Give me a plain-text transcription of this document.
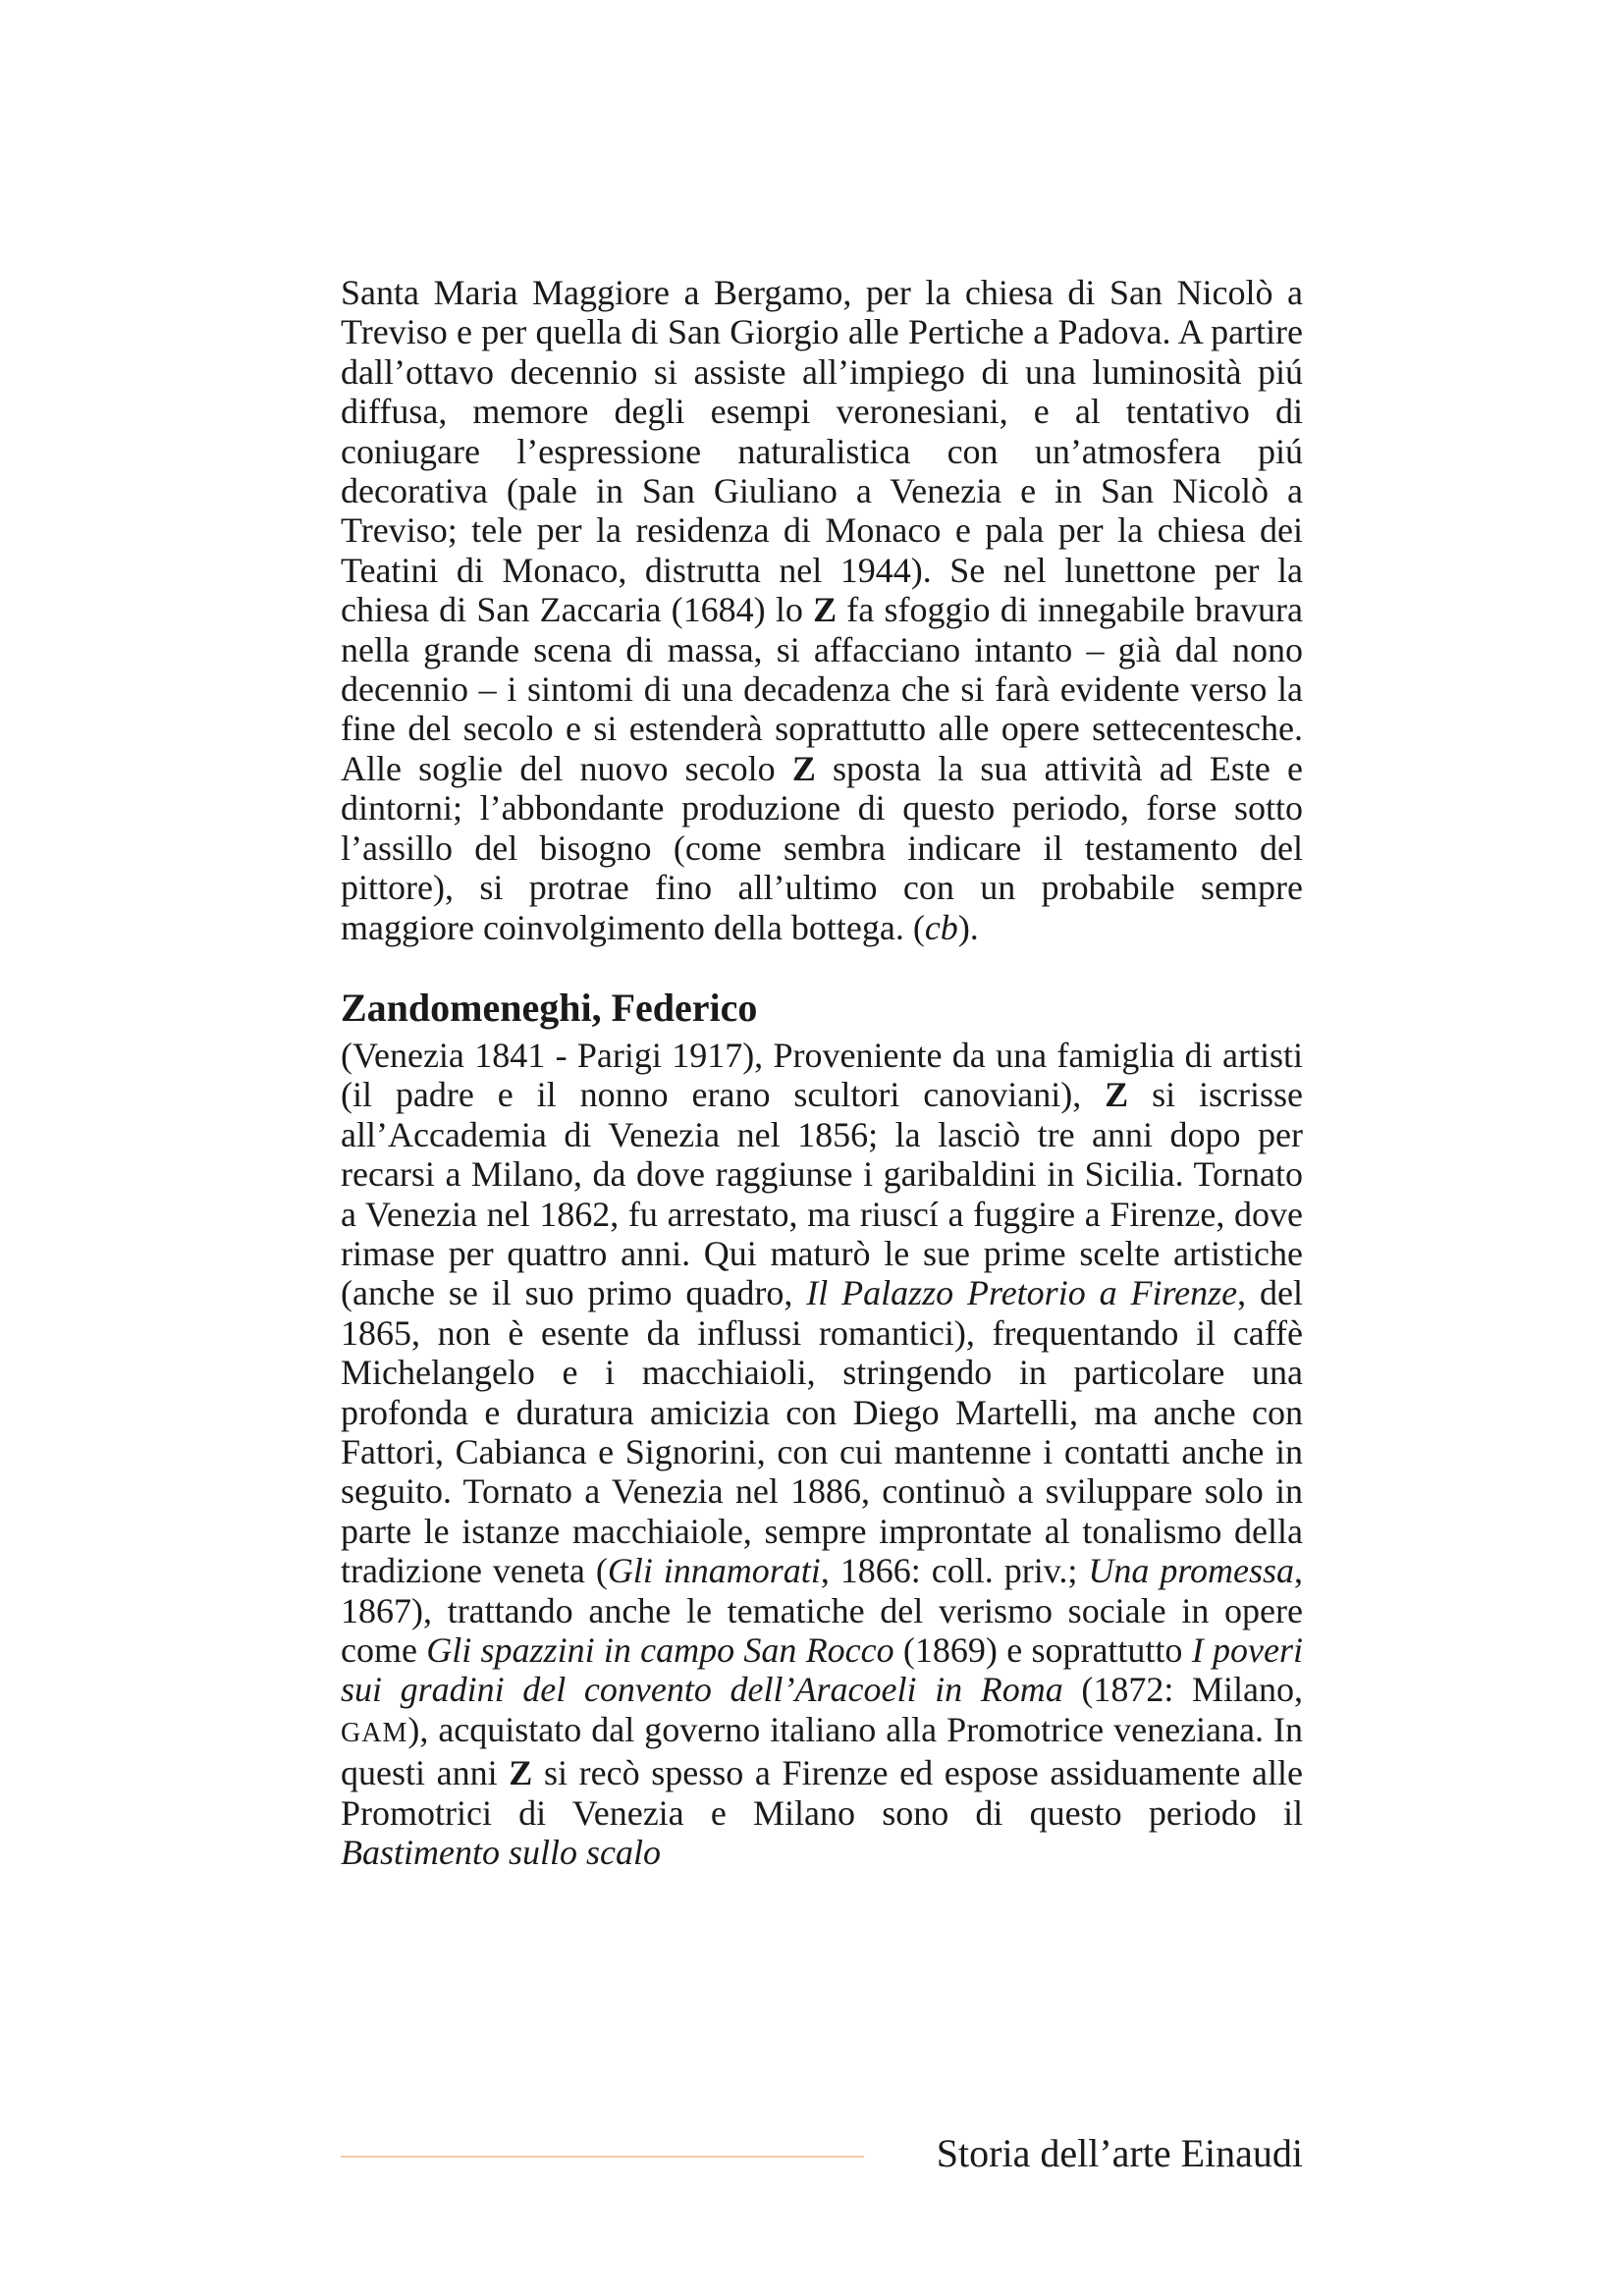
Santa Maria Maggiore a Bergamo, per la chiesa di San Nicolò a Treviso e per quella di San Giorgio alle Pertiche a Padova. A partire dall’ottavo decennio si assiste all’impiego di una luminosità piú diffusa, memore degli esempi veronesiani, e al tentativo di coniugare l’espressione naturalistica con un’atmosfera piú decorativa (pale in San Giuliano a Venezia e in San Nicolò a Treviso; tele per la residenza di Monaco e pala per la chiesa dei Teatini di Monaco, distrutta nel 1944). Se nel lunettone per la chiesa di San Zaccaria (1684) lo Z fa sfoggio di innegabile bravura nella grande scena di massa, si affacciano intanto – già dal nono decennio – i sintomi di una decadenza che si farà evidente verso la fine del secolo e si estenderà soprattutto alle opere settecentesche. Alle soglie del nuovo secolo Z sposta la sua attività ad Este e dintorni; l’abbondante produzione di questo periodo, forse sotto l’assillo del bisogno (come sembra indicare il testamento del pittore), si protrae fino all’ultimo con un probabile sempre maggiore coinvolgimento della bottega. (cb).

Zandomeneghi, Federico

(Venezia 1841 - Parigi 1917), Proveniente da una famiglia di artisti (il padre e il nonno erano scultori canoviani), Z si iscrisse all’Accademia di Venezia nel 1856; la lasciò tre anni dopo per recarsi a Milano, da dove raggiunse i garibaldini in Sicilia. Tornato a Venezia nel 1862, fu arrestato, ma riuscí a fuggire a Firenze, dove rimase per quattro anni. Qui maturò le sue prime scelte artistiche (anche se il suo primo quadro, Il Palazzo Pretorio a Firenze, del 1865, non è esente da influssi romantici), frequentando il caffè Michelangelo e i macchiaioli, stringendo in particolare una profonda e duratura amicizia con Diego Martelli, ma anche con Fattori, Cabianca e Signorini, con cui mantenne i contatti anche in seguito. Tornato a Venezia nel 1886, continuò a sviluppare solo in parte le istanze macchiaiole, sempre improntate al tonalismo della tradizione veneta (Gli innamorati, 1866: coll. priv.; Una promessa, 1867), trattando anche le tematiche del verismo sociale in opere come Gli spazzini in campo San Rocco (1869) e soprattutto I poveri sui gradini del convento dell’Aracoeli in Roma (1872: Milano, GAM), acquistato dal governo italiano alla Promotrice veneziana. In questi anni Z si recò spesso a Firenze ed espose assiduamente alle Promotrici di Venezia e Milano sono di questo periodo il Bastimento sullo scalo

Storia dell’arte Einaudi
